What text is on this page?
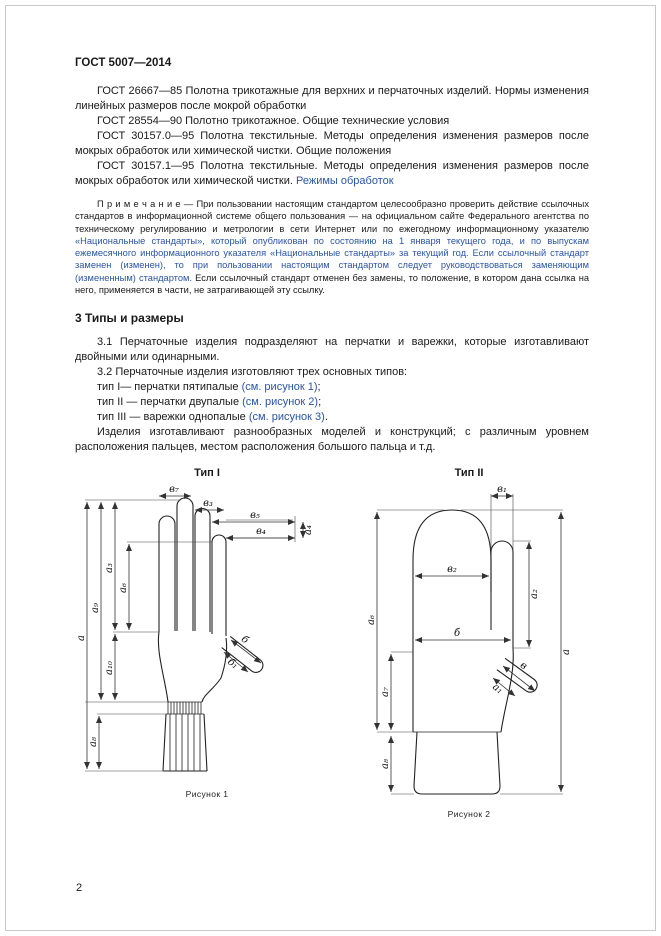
ГОСТ 5007—2014

ГОСТ 26667—85 Полотна трикотажные для верхних и перчаточных изделий. Нормы изменения линейных размеров после мокрой обработки

ГОСТ 28554—90 Полотно трикотажное. Общие технические условия

ГОСТ 30157.0—95 Полотна текстильные. Методы определения изменения размеров после мокрых обработок или химической чистки. Общие положения

ГОСТ 30157.1—95 Полотна текстильные. Методы определения изменения размеров после мокрых обработок или химической чистки. Режимы обработок

П р и м е ч а н и е — При пользовании настоящим стандартом целесообразно проверить действие ссылочных стандартов в информационной системе общего пользования — на официальном сайте Федерального агентства по техническому регулированию и метрологии в сети Интернет или по ежегодному информационному указателю «Национальные стандарты», который опубликован по состоянию на 1 января текущего года, и по выпускам ежемесячного информационного указателя «Национальные стандарты» за текущий год. Если ссылочный стандарт заменен (изменен), то при пользовании настоящим стандартом следует руководствоваться заменяющим (измененным) стандартом. Если ссылочный стандарт отменен без замены, то положение, в котором дана ссылка на него, применяется в части, не затрагивающей эту ссылку.

3 Типы и размеры

3.1 Перчаточные изделия подразделяют на перчатки и варежки, которые изготавливают двойными или одинарными.

3.2 Перчаточные изделия изготовляют трех основных типов:

тип I— перчатки пятипалые (см. рисунок 1);

тип II — перчатки двупалые (см. рисунок 2);

тип III — варежки однопалые (см. рисунок 3).

Изделия изготавливают разнообразных моделей и конструкций; с различным уровнем расположения пальцев, местом расположения большого пальца и т.д.

Тип I
а
а₉
а₃
а₁₀
а₆
а₈
в₇
в₃
в₅
в₄	а₄
б
б₁
Рисунок 1
Тип II
в₁
в₂
а₂
б
в
а₁
а₆
а₇
а₈
а
Рисунок 2
2
